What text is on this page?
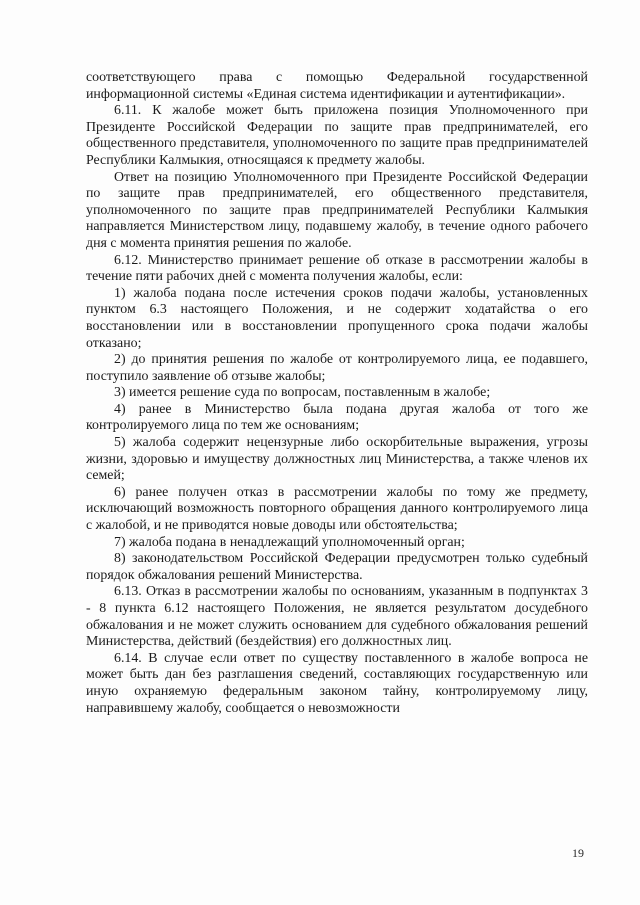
соответствующего права с помощью Федеральной государственной информационной системы «Единая система идентификации и аутентификации».

6.11. К жалобе может быть приложена позиция Уполномоченного при Президенте Российской Федерации по защите прав предпринимателей, его общественного представителя, уполномоченного по защите прав предпринимателей Республики Калмыкия, относящаяся к предмету жалобы.

Ответ на позицию Уполномоченного при Президенте Российской Федерации по защите прав предпринимателей, его общественного представителя, уполномоченного по защите прав предпринимателей Республики Калмыкия направляется Министерством лицу, подавшему жалобу, в течение одного рабочего дня с момента принятия решения по жалобе.

6.12. Министерство принимает решение об отказе в рассмотрении жалобы в течение пяти рабочих дней с момента получения жалобы, если:

1) жалоба подана после истечения сроков подачи жалобы, установленных пунктом 6.3 настоящего Положения, и не содержит ходатайства о его восстановлении или в восстановлении пропущенного срока подачи жалобы отказано;

2) до принятия решения по жалобе от контролируемого лица, ее подавшего, поступило заявление об отзыве жалобы;

3) имеется решение суда по вопросам, поставленным в жалобе;

4) ранее в Министерство была подана другая жалоба от того же контролируемого лица по тем же основаниям;

5) жалоба содержит нецензурные либо оскорбительные выражения, угрозы жизни, здоровью и имуществу должностных лиц Министерства, а также членов их семей;

6) ранее получен отказ в рассмотрении жалобы по тому же предмету, исключающий возможность повторного обращения данного контролируемого лица с жалобой, и не приводятся новые доводы или обстоятельства;

7) жалоба подана в ненадлежащий уполномоченный орган;

8) законодательством Российской Федерации предусмотрен только судебный порядок обжалования решений Министерства.

6.13. Отказ в рассмотрении жалобы по основаниям, указанным в подпунктах 3 - 8 пункта 6.12 настоящего Положения, не является результатом досудебного обжалования и не может служить основанием для судебного обжалования решений Министерства, действий (бездействия) его должностных лиц.

6.14. В случае если ответ по существу поставленного в жалобе вопроса не может быть дан без разглашения сведений, составляющих государственную или иную охраняемую федеральным законом тайну, контролируемому лицу, направившему жалобу, сообщается о невозможности

19
